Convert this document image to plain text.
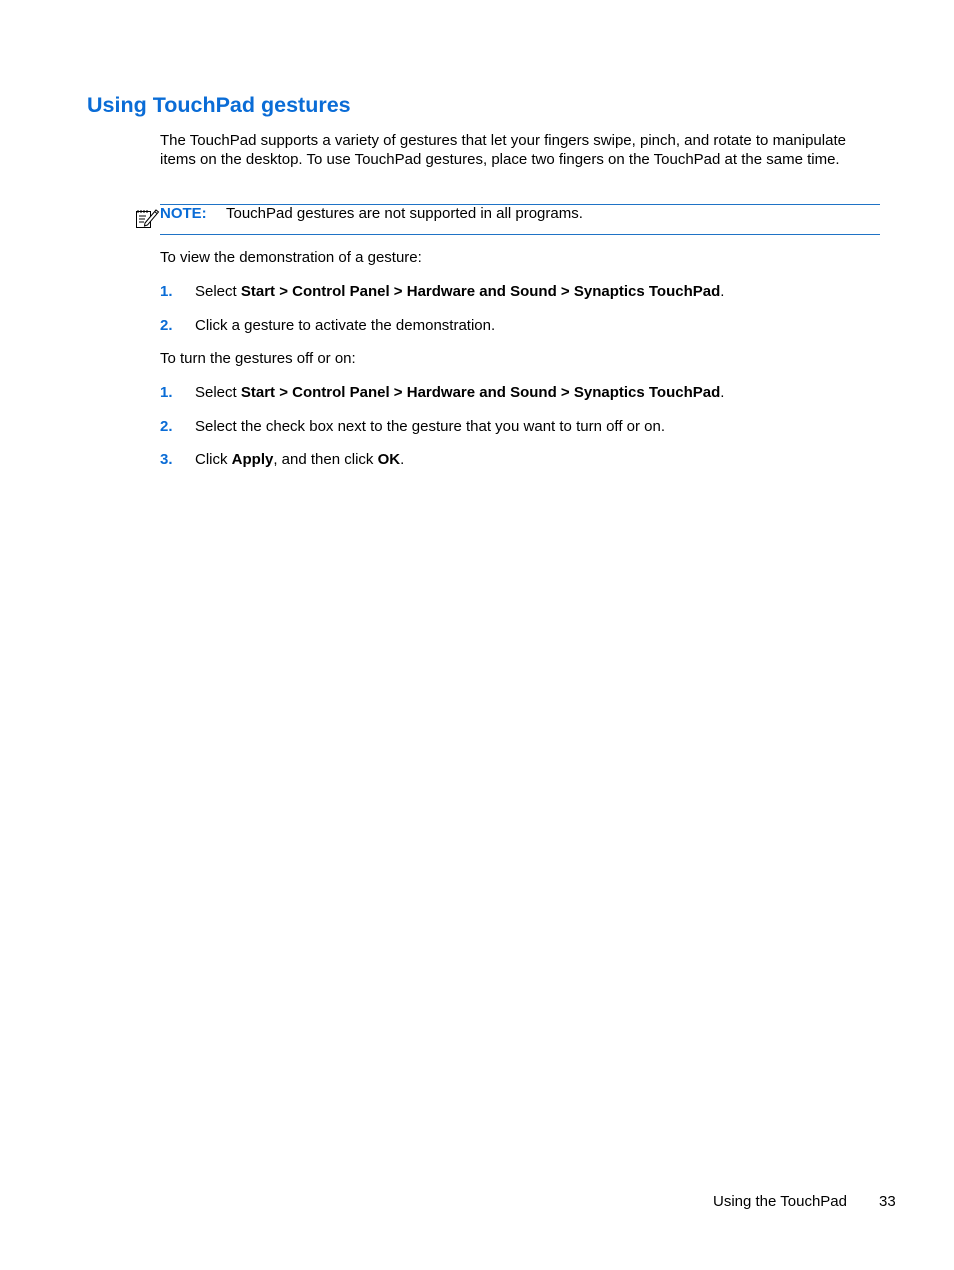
Using TouchPad gestures

The TouchPad supports a variety of gestures that let your fingers swipe, pinch, and rotate to manipulate items on the desktop. To use TouchPad gestures, place two fingers on the TouchPad at the same time.

NOTE: TouchPad gestures are not supported in all programs.

To view the demonstration of a gesture:

1. Select Start > Control Panel > Hardware and Sound > Synaptics TouchPad.
2. Click a gesture to activate the demonstration.

To turn the gestures off or on:

1. Select Start > Control Panel > Hardware and Sound > Synaptics TouchPad.
2. Select the check box next to the gesture that you want to turn off or on.
3. Click Apply, and then click OK.
Using the TouchPad 33
